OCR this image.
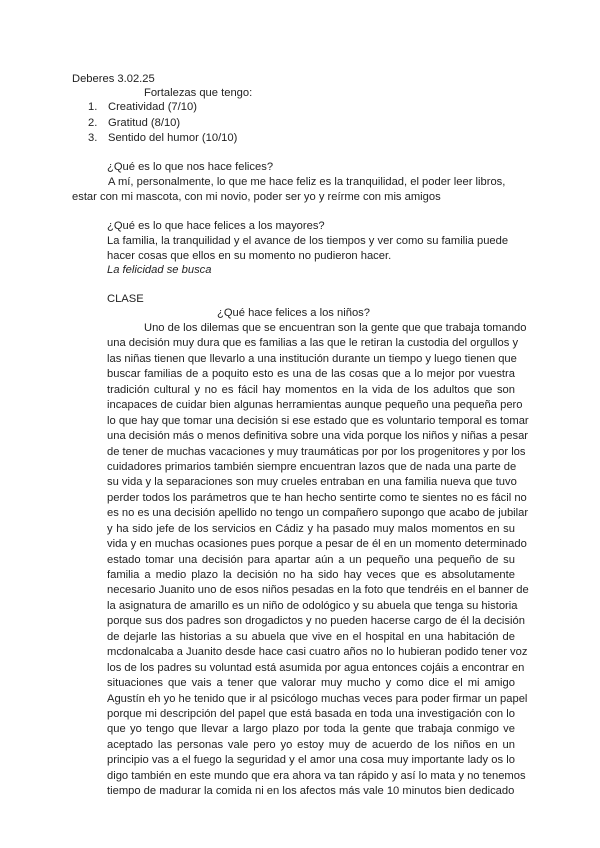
Deberes 3.02.25
Fortalezas que tengo:
1. Creatividad (7/10)
2. Gratitud (8/10)
3. Sentido del humor (10/10)
¿Qué es lo que nos hace felices?
A mí, personalmente, lo que me hace feliz es la tranquilidad, el poder leer libros,
estar con mi mascota, con mi novio, poder ser yo y reírme con mis amigos
¿Qué es lo que hace felices a los mayores?
La familia, la tranquilidad y el avance de los tiempos y ver como su familia puede
hacer cosas que ellos en su momento no pudieron hacer.
La felicidad se busca
CLASE
¿Qué hace felices a los niños?
Uno de los dilemas que se encuentran son la gente que que trabaja tomando
una decisión muy dura que es familias a las que le retiran la custodia del orgullos y
las niñas tienen que llevarlo a una institución durante un tiempo y luego tienen que
buscar familias de a poquito esto es una de las cosas que a lo mejor por vuestra
tradición cultural y no es fácil hay momentos en la vida de los adultos que son
incapaces de cuidar bien algunas herramientas aunque pequeño una pequeña pero
lo que hay que tomar una decisión si ese estado que es voluntario temporal es tomar
una decisión más o menos definitiva sobre una vida porque los niños y niñas a pesar
de tener de muchas vacaciones y muy traumáticas por por los progenitores y por los
cuidadores primarios también siempre encuentran lazos que de nada una parte de
su vida y la separaciones son muy crueles entraban en una familia nueva que tuvo
perder todos los parámetros que te han hecho sentirte como te sientes no es fácil no
es no es una decisión apellido no tengo un compañero supongo que acabo de jubilar
y ha sido jefe de los servicios en Cádiz y ha pasado muy malos momentos en su
vida y en muchas ocasiones pues porque a pesar de él en un momento determinado
estado tomar una decisión para apartar aún a un pequeño una pequeño de su
familia a medio plazo la decisión no ha sido hay veces que es absolutamente
necesario Juanito uno de esos niños pesadas en la foto que tendréis en el banner de
la asignatura de amarillo es un niño de odológico y su abuela que tenga su historia
porque sus dos padres son drogadictos y no pueden hacerse cargo de él la decisión
de dejarle las historias a su abuela que vive en el hospital en una habitación de
mcdonalcaba a Juanito desde hace casi cuatro años no lo hubieran podido tener voz
los de los padres su voluntad está asumida por agua entonces cojáis a encontrar en
situaciones que vais a tener que valorar muy mucho y como dice el mi amigo
Agustín eh yo he tenido que ir al psicólogo muchas veces para poder firmar un papel
porque mi descripción del papel que está basada en toda una investigación con lo
que yo tengo que llevar a largo plazo por toda la gente que trabaja conmigo ve
aceptado las personas vale pero yo estoy muy de acuerdo de los niños en un
principio vas a el fuego la seguridad y el amor una cosa muy importante lady os lo
digo también en este mundo que era ahora va tan rápido y así lo mata y no tenemos
tiempo de madurar la comida ni en los afectos más vale 10 minutos bien dedicado
